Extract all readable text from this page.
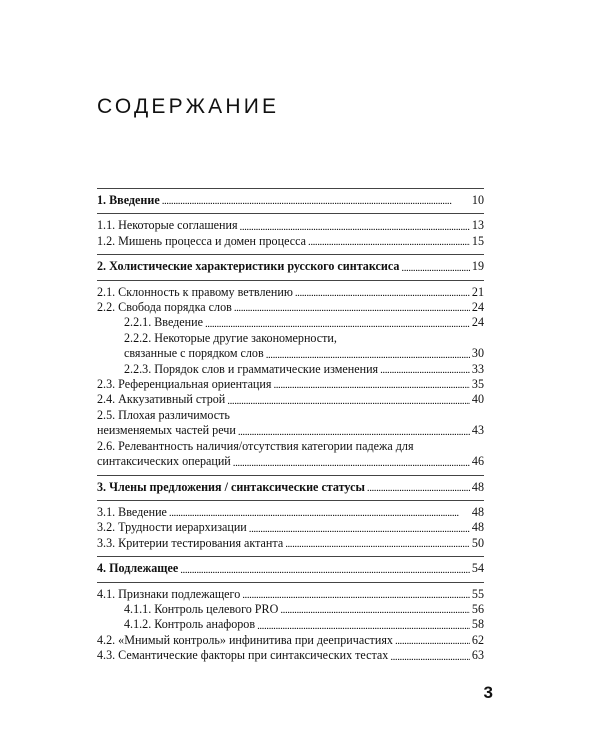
СОДЕРЖАНИЕ
1. Введение . . .	10
1.1. Некоторые соглашения . . .	13
1.2. Мишень процесса и домен процесса . . .	15
2. Холистические характеристики русского синтаксиса . . .	19
2.1. Склонность к правому ветвлению . . .	21
2.2. Свобода порядка слов . . .	24
2.2.1. Введение . . .	24
2.2.2. Некоторые другие закономерности,
связанные с порядком слов . . .	30
2.2.3. Порядок слов и грамматические изменения . . .	33
2.3. Референциальная ориентация . . .	35
2.4. Аккузативный строй . . .	40
2.5. Плохая различимость
неизменяемых частей речи . . .	43
2.6. Релевантность наличия/отсутствия категории падежа для
синтаксических операций . . .	46
3. Члены предложения / синтаксические статусы . . .	48
3.1. Введение . . .	48
3.2. Трудности иерархизации . . .	48
3.3. Критерии тестирования актанта . . .	50
4. Подлежащее . . .	54
4.1. Признаки подлежащего . . .	55
4.1.1. Контроль целевого PRO . . .	56
4.1.2. Контроль анафоров . . .	58
4.2. «Мнимый контроль» инфинитива при деепричастиях . . .	62
4.3. Семантические факторы при синтаксических тестах . . .	63
3
